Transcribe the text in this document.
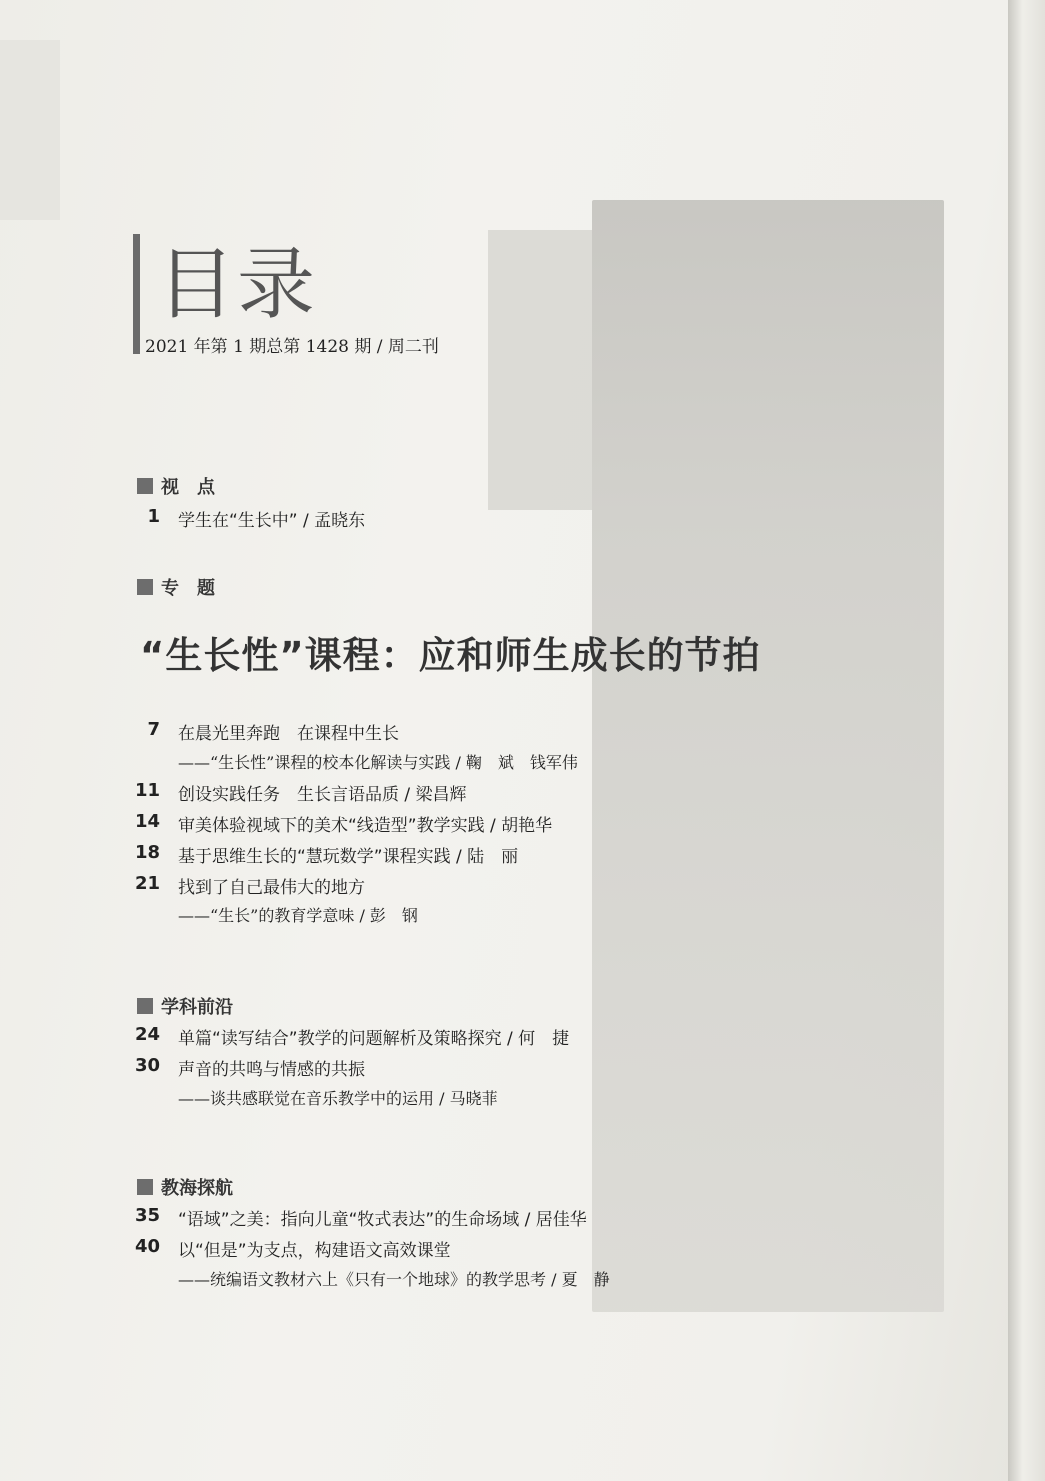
目录
2021 年第 1 期总第 1428 期 / 周二刊
视　点
1 学生在“生长中” / 孟晓东
专　题
“生长性”课程：应和师生成长的节拍
7 在晨光里奔跑　在课程中生长
——“生长性”课程的校本化解读与实践 / 鞠　斌　钱军伟
11 创设实践任务　生长言语品质 / 梁昌辉
14 审美体验视域下的美术“线造型”教学实践 / 胡艳华
18 基于思维生长的“慧玩数学”课程实践 / 陆　丽
21 找到了自己最伟大的地方
——“生长”的教育学意味 / 彭　钢
学科前沿
24 单篇“读写结合”教学的问题解析及策略探究 / 何　捷
30 声音的共鸣与情感的共振
——谈共感联觉在音乐教学中的运用 / 马晓菲
教海探航
35 “语域”之美：指向儿童“牧式表达”的生命场域 / 居佳华
40 以“但是”为支点，构建语文高效课堂
——统编语文教材六上《只有一个地球》的教学思考 / 夏　静
